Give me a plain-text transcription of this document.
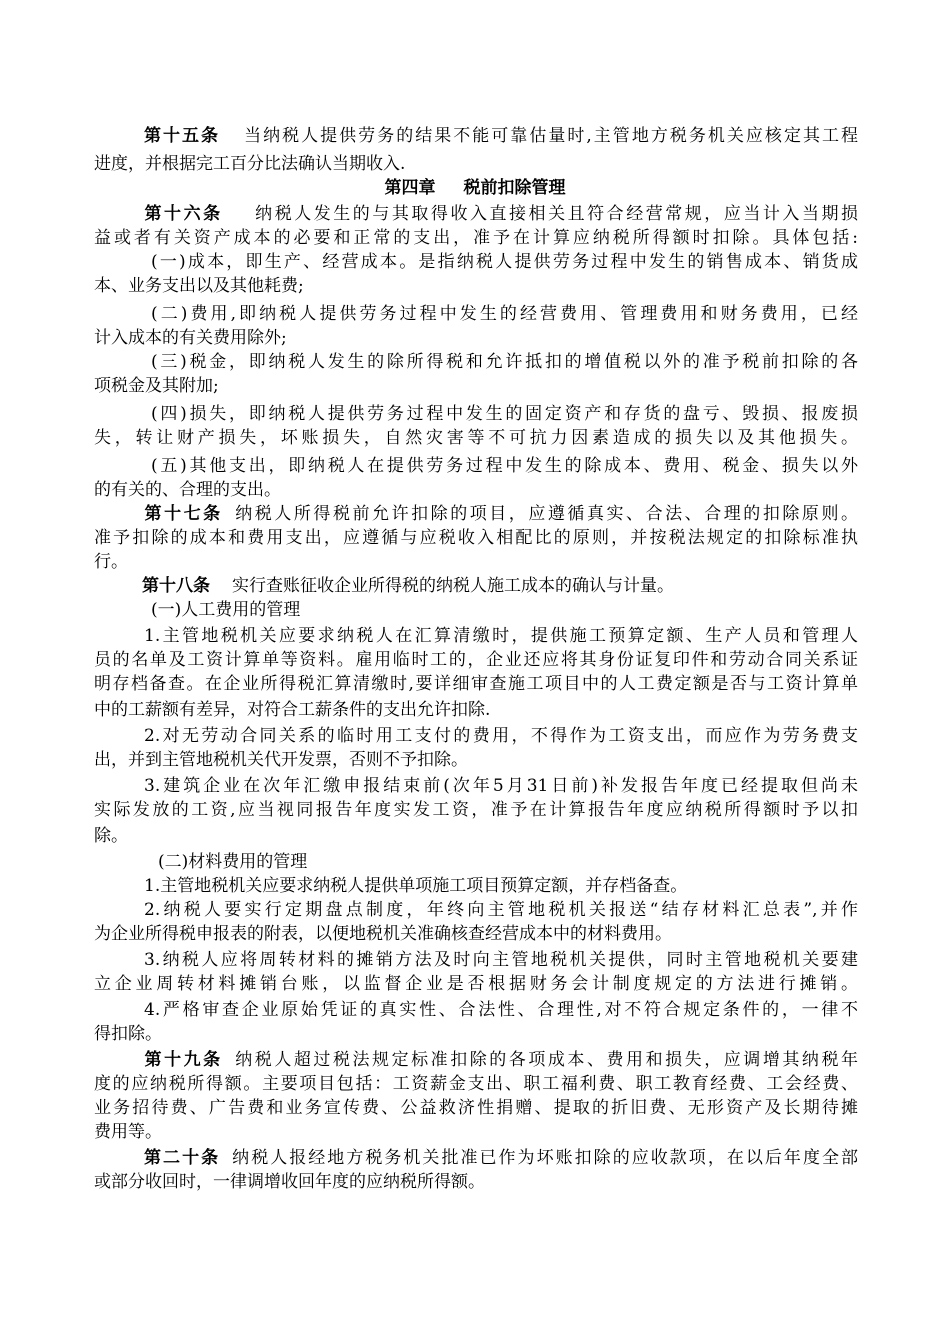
第十五条 当纳税人提供劳务的结果不能可靠估量时,主管地方税务机关应核定其工程
进度，并根据完工百分比法确认当期收入.
第四章 税前扣除管理
第十六条 纳税人发生的与其取得收入直接相关且符合经营常规，应当计入当期损
益或者有关资产成本的必要和正常的支出，准予在计算应纳税所得额时扣除。具体包括:
(一)成本，即生产、经营成本。是指纳税人提供劳务过程中发生的销售成本、销货成
本、业务支出以及其他耗费;
(二)费用,即纳税人提供劳务过程中发生的经营费用、管理费用和财务费用，已经
计入成本的有关费用除外;
(三)税金，即纳税人发生的除所得税和允许抵扣的增值税以外的准予税前扣除的各
项税金及其附加;
(四)损失，即纳税人提供劳务过程中发生的固定资产和存货的盘亏、毁损、报废损
失，转让财产损失，坏账损失，自然灾害等不可抗力因素造成的损失以及其他损失。
(五)其他支出，即纳税人在提供劳务过程中发生的除成本、费用、税金、损失以外
的有关的、合理的支出。
第十七条 纳税人所得税前允许扣除的项目，应遵循真实、合法、合理的扣除原则。
准予扣除的成本和费用支出，应遵循与应税收入相配比的原则，并按税法规定的扣除标准执
行。
第十八条 实行查账征收企业所得税的纳税人施工成本的确认与计量。
(一)人工费用的管理
1.主管地税机关应要求纳税人在汇算清缴时，提供施工预算定额、生产人员和管理人
员的名单及工资计算单等资料。雇用临时工的，企业还应将其身份证复印件和劳动合同关系证
明存档备查。在企业所得税汇算清缴时,要详细审查施工项目中的人工费定额是否与工资计算单
中的工薪额有差异，对符合工薪条件的支出允许扣除.
2.对无劳动合同关系的临时用工支付的费用，不得作为工资支出，而应作为劳务费支
出，并到主管地税机关代开发票，否则不予扣除。
3.建筑企业在次年汇缴申报结束前(次年5月31日前)补发报告年度已经提取但尚未
实际发放的工资,应当视同报告年度实发工资，准予在计算报告年度应纳税所得额时予以扣
除。
(二)材料费用的管理
1.主管地税机关应要求纳税人提供单项施工项目预算定额，并存档备查。
2.纳税人要实行定期盘点制度，年终向主管地税机关报送“结存材料汇总表”,并作
为企业所得税申报表的附表，以便地税机关准确核查经营成本中的材料费用。
3.纳税人应将周转材料的摊销方法及时向主管地税机关提供，同时主管地税机关要建
立企业周转材料摊销台账，以监督企业是否根据财务会计制度规定的方法进行摊销。
4.严格审查企业原始凭证的真实性、合法性、合理性,对不符合规定条件的，一律不
得扣除。
第十九条 纳税人超过税法规定标准扣除的各项成本、费用和损失，应调增其纳税年
度的应纳税所得额。主要项目包括：工资薪金支出、职工福利费、职工教育经费、工会经费、
业务招待费、广告费和业务宣传费、公益救济性捐赠、提取的折旧费、无形资产及长期待摊
费用等。
第二十条 纳税人报经地方税务机关批准已作为坏账扣除的应收款项，在以后年度全部
或部分收回时，一律调增收回年度的应纳税所得额。
